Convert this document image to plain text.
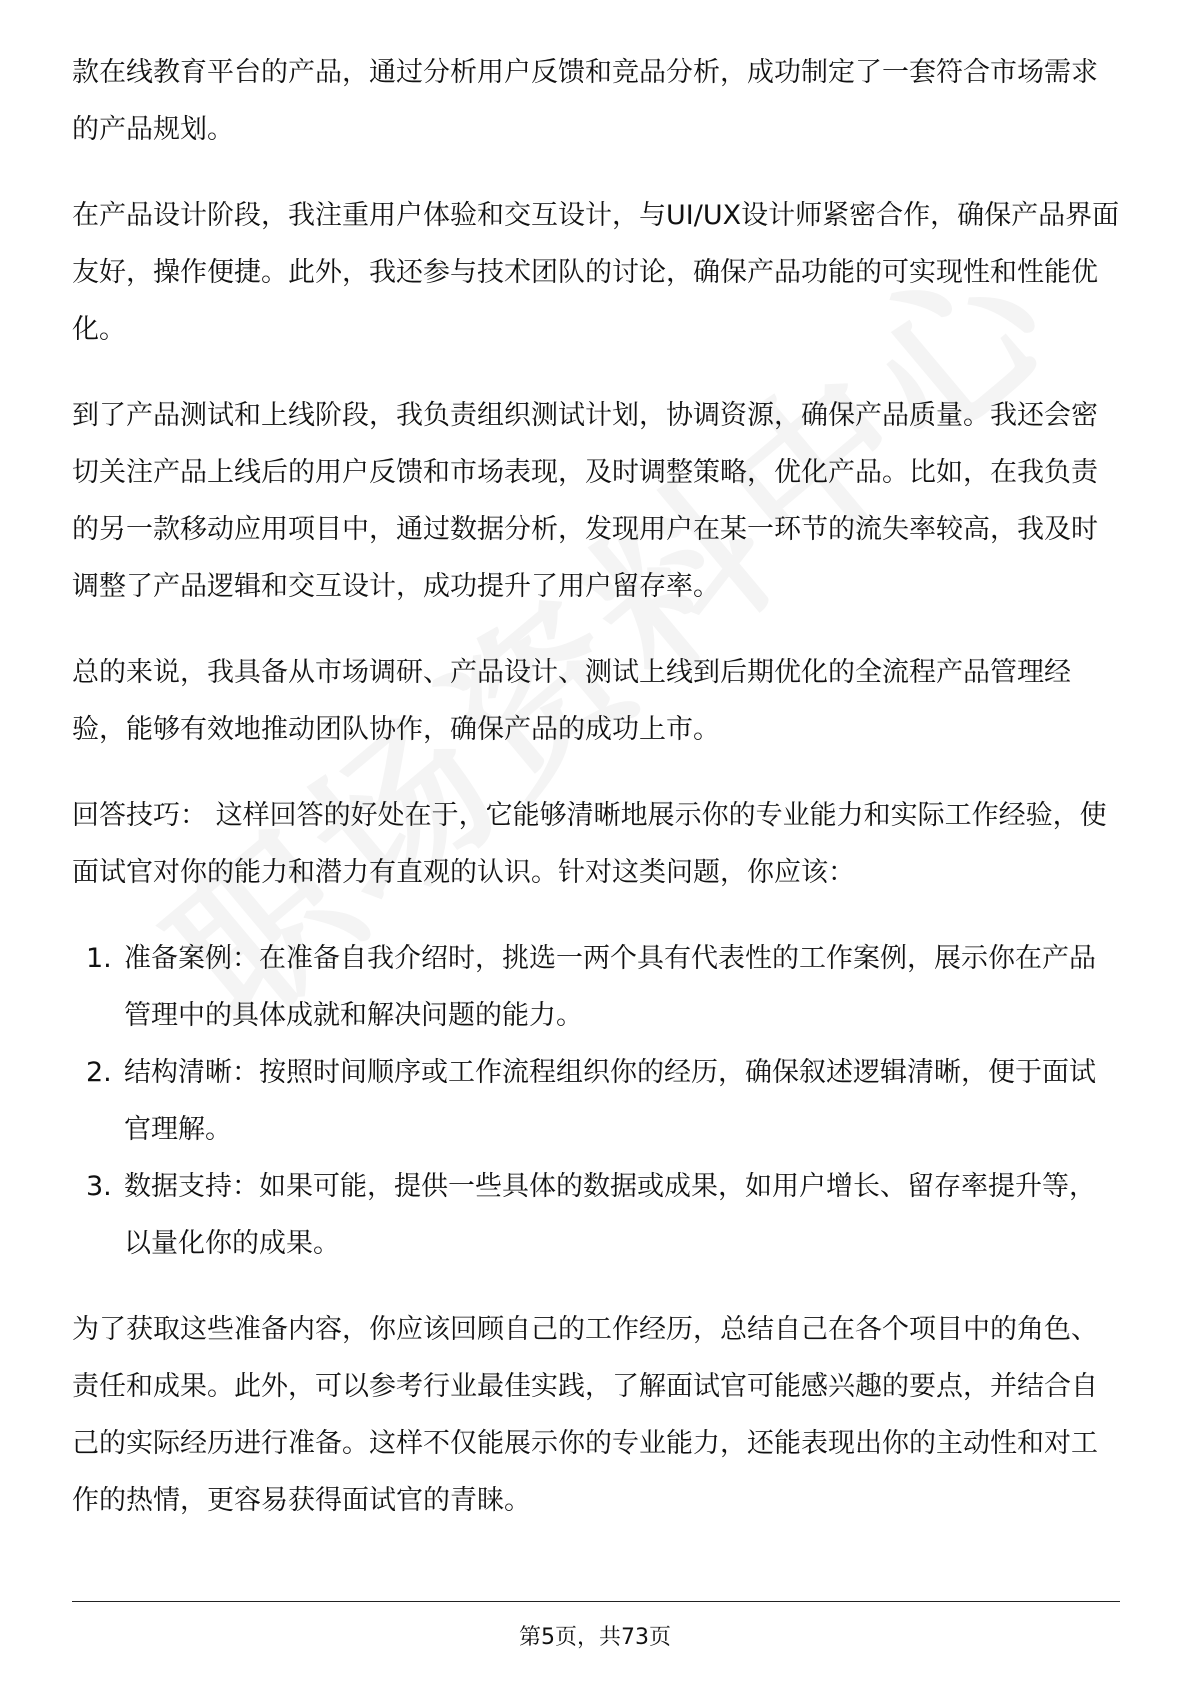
款在线教育平台的产品，通过分析用户反馈和竞品分析，成功制定了一套符合市场需求的产品规划。

在产品设计阶段，我注重用户体验和交互设计，与UI/UX设计师紧密合作，确保产品界面友好，操作便捷。此外，我还参与技术团队的讨论，确保产品功能的可实现性和性能优化。

到了产品测试和上线阶段，我负责组织测试计划，协调资源，确保产品质量。我还会密切关注产品上线后的用户反馈和市场表现，及时调整策略，优化产品。比如，在我负责的另一款移动应用项目中，通过数据分析，发现用户在某一环节的流失率较高，我及时调整了产品逻辑和交互设计，成功提升了用户留存率。

总的来说，我具备从市场调研、产品设计、测试上线到后期优化的全流程产品管理经验，能够有效地推动团队协作，确保产品的成功上市。

回答技巧： 这样回答的好处在于，它能够清晰地展示你的专业能力和实际工作经验，使面试官对你的能力和潜力有直观的认识。针对这类问题，你应该：

1. 准备案例：在准备自我介绍时，挑选一两个具有代表性的工作案例，展示你在产品管理中的具体成就和解决问题的能力。
2. 结构清晰：按照时间顺序或工作流程组织你的经历，确保叙述逻辑清晰，便于面试官理解。
3. 数据支持：如果可能，提供一些具体的数据或成果，如用户增长、留存率提升等，以量化你的成果。

为了获取这些准备内容，你应该回顾自己的工作经历，总结自己在各个项目中的角色、责任和成果。此外，可以参考行业最佳实践，了解面试官可能感兴趣的要点，并结合自己的实际经历进行准备。这样不仅能展示你的专业能力，还能表现出你的主动性和对工作的热情，更容易获得面试官的青睐。

第5页，共73页
